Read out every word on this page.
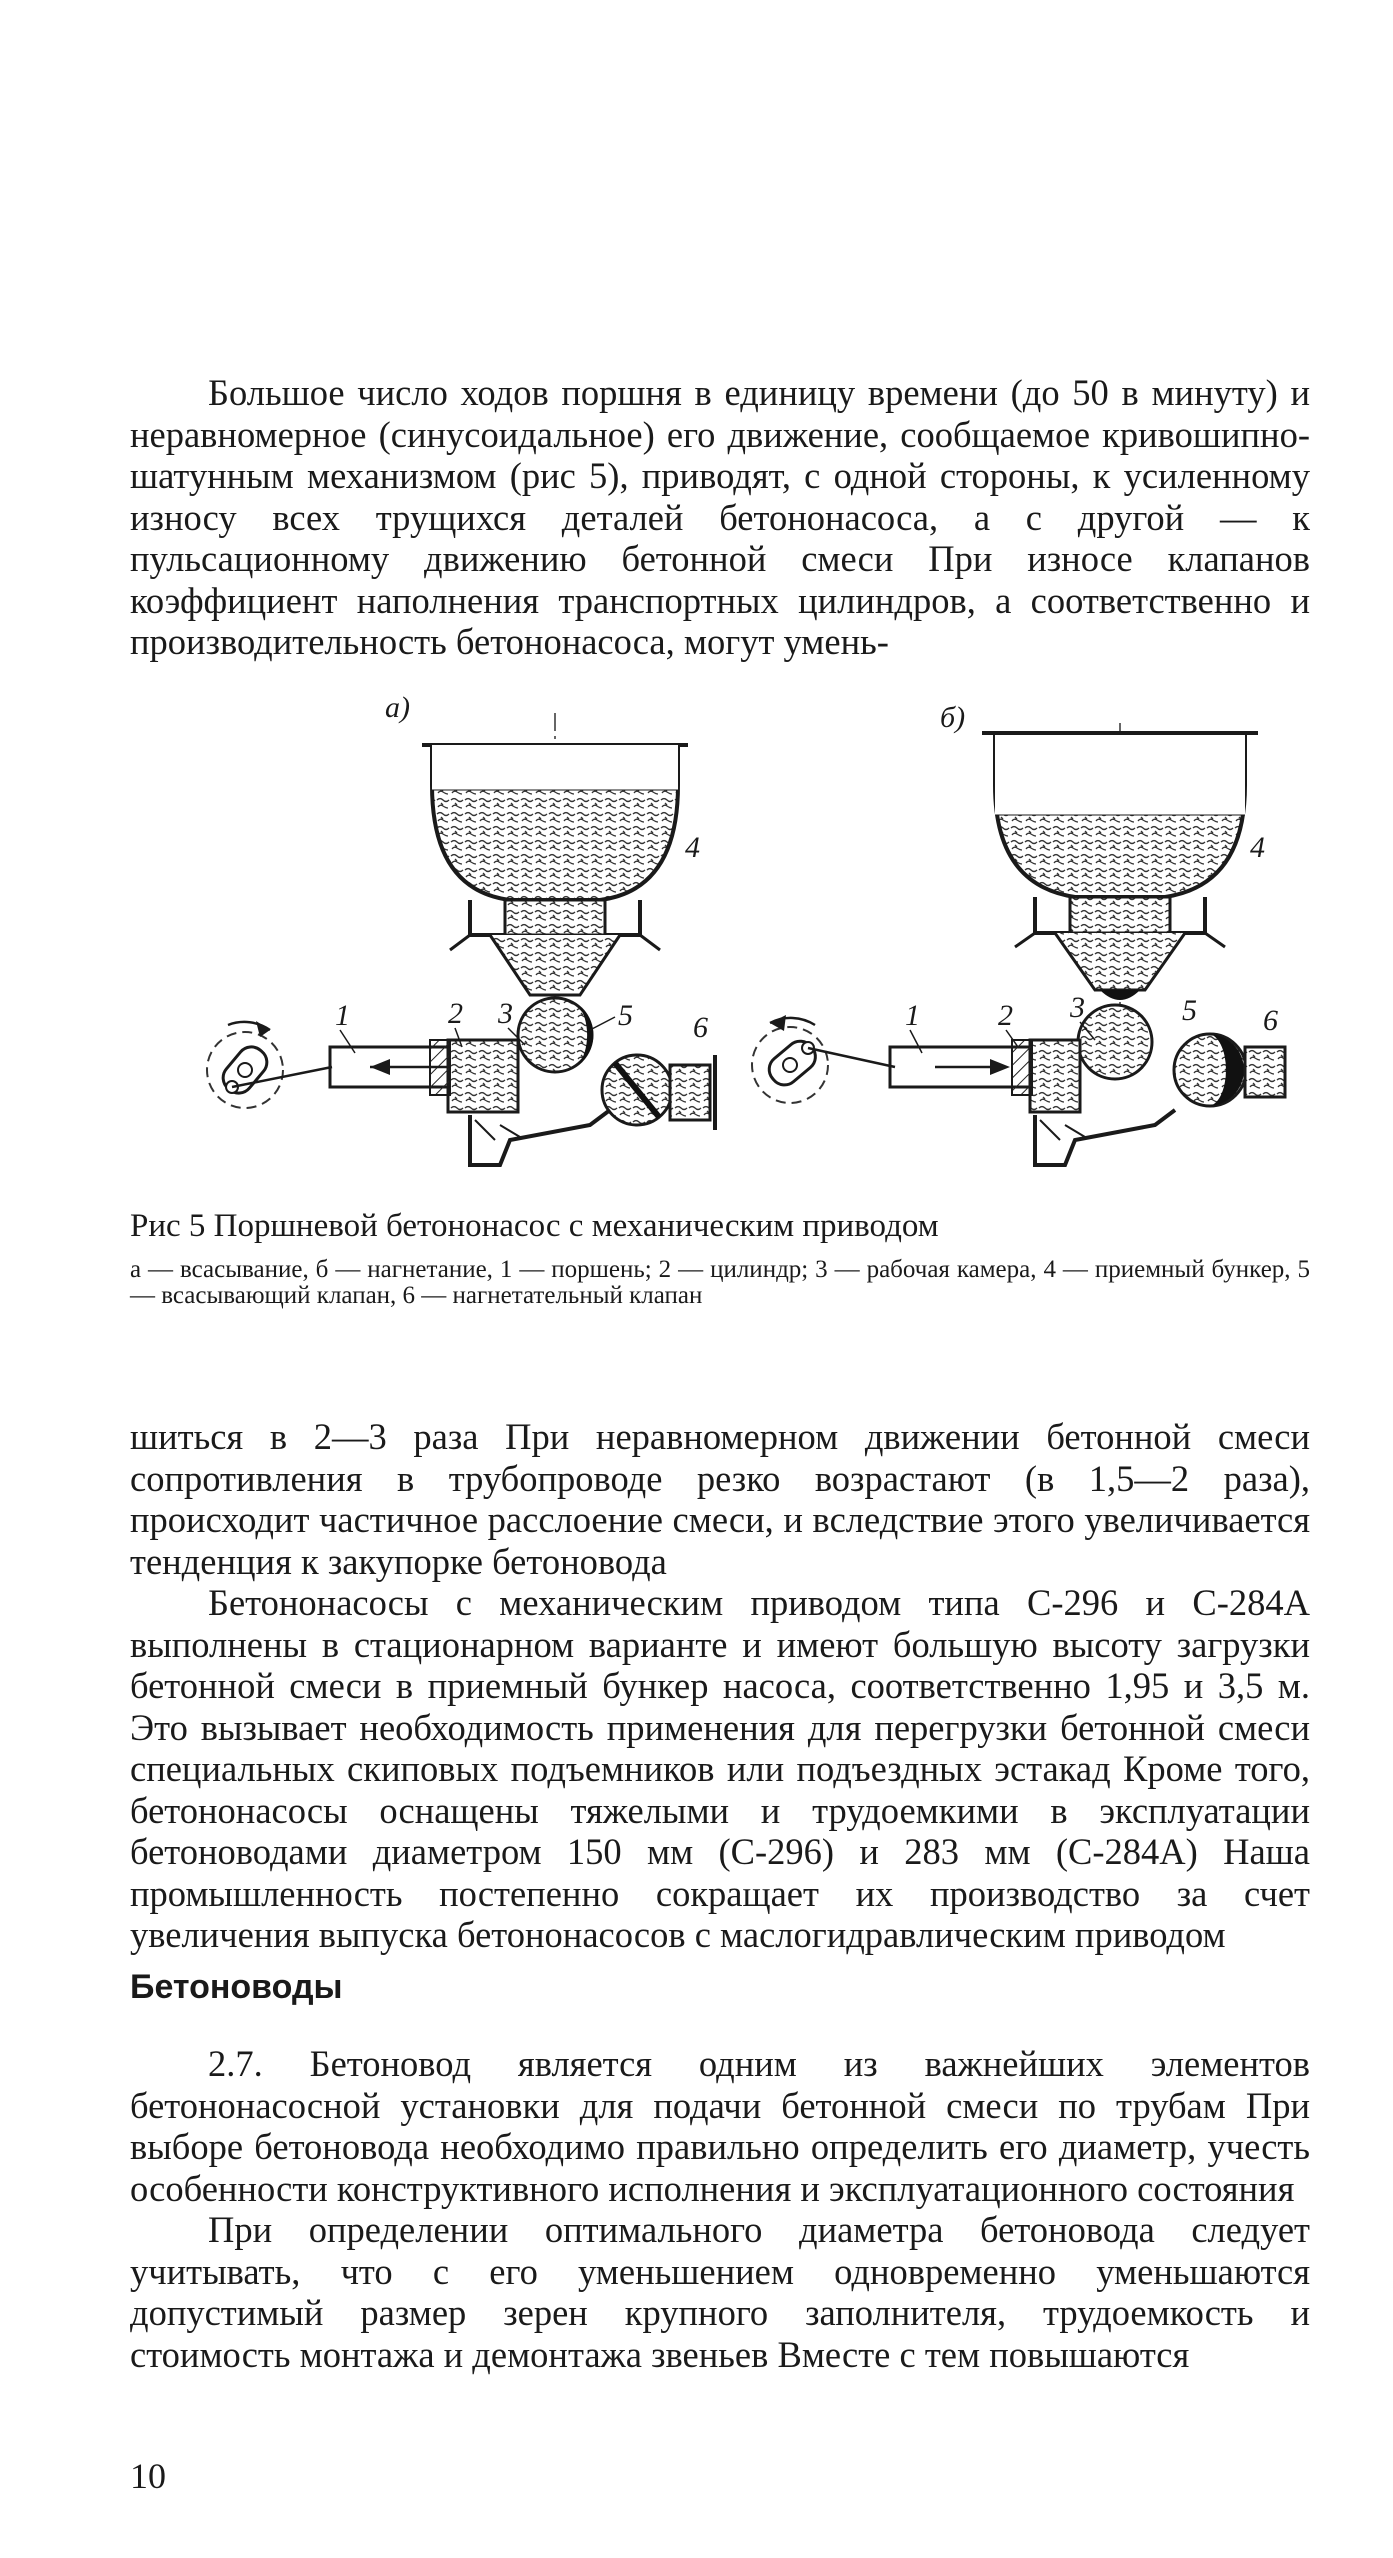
Большое число ходов поршня в единицу времени (до 50 в минуту) и неравномерное (синусоидальное) его движение, сообщаемое кривошипно-шатунным механизмом (рис 5), приводят, с одной стороны, к усиленному износу всех трущихся деталей бетононасоса, а с другой — к пульсационному движению бетонной смеси При износе клапанов коэффициент наполнения транспортных цилиндров, а соответственно и производительность бетононасоса, могут умень-

а)
1	2 3
4
5 6
б)
1	2 3
4
5 6

Рис 5 Поршневой бетононасос с механическим приводом

а — всасывание, б — нагнетание, 1 — поршень; 2 — цилиндр; 3 — рабочая камера, 4 — приемный бункер, 5 — всасывающий клапан, 6 — нагнетательный клапан

шиться в 2—3 раза При неравномерном движении бетонной смеси сопротивления в трубопроводе резко возрастают (в 1,5—2 раза), происходит частичное расслоение смеси, и вследствие этого увеличивается тенденция к закупорке бетоновода

Бетононасосы с механическим приводом типа С-296 и С-284А выполнены в стационарном варианте и имеют большую высоту загрузки бетонной смеси в приемный бункер насоса, соответственно 1,95 и 3,5 м. Это вызывает необходимость применения для перегрузки бетонной смеси специальных скиповых подъемников или подъездных эстакад Кроме того, бетононасосы оснащены тяжелыми и трудоемкими в эксплуатации бетоноводами диаметром 150 мм (С-296) и 283 мм (С-284А) Наша промышленность постепенно сокращает их производство за счет увеличения выпуска бетононасосов с маслогидравлическим приводом

Бетоноводы

2.7. Бетоновод является одним из важнейших элементов бетононасосной установки для подачи бетонной смеси по трубам При выборе бетоновода необходимо правильно определить его диаметр, учесть особенности конструктивного исполнения и эксплуатационного состояния

При определении оптимального диаметра бетоновода следует учитывать, что с его уменьшением одновременно уменьшаются допустимый размер зерен крупного заполнителя, трудоемкость и стоимость монтажа и демонтажа звеньев Вместе с тем повышаются

10
